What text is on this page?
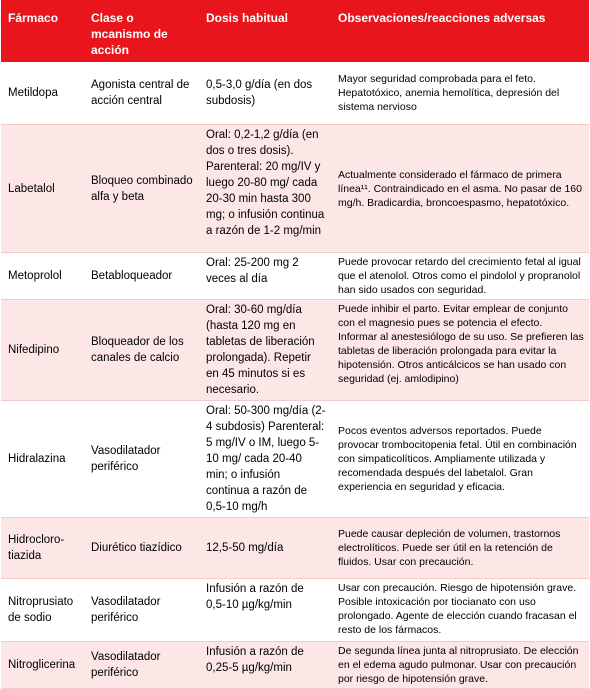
Fármaco	Clase o mcanismo de acción	Dosis habitual	Observaciones/reacciones adversas
Metildopa	Agonista central de acción central	0,5-3,0 g/día (en dos subdosis)	Mayor seguridad comprobada para el feto. Hepatotóxico, anemia hemolítica, depresión del sistema nervioso
Labetalol	Bloqueo combinado alfa y beta	Oral: 0,2-1,2 g/día (en dos o tres dosis). Parenteral: 20 mg/IV y luego 20-80 mg/ cada 20-30 min hasta 300 mg; o infusión continua a razón de 1-2 mg/min	Actualmente considerado el fármaco de primera línea¹¹. Contraindicado en el asma. No pasar de 160 mg/h. Bradicardia, broncoespasmo, hepatotóxico.
Metoprolol	Betabloqueador	Oral: 25-200 mg 2 veces al día	Puede provocar retardo del crecimiento fetal al igual que el atenolol. Otros como el pindolol y propranolol han sido usados con seguridad.
Nifedipino	Bloqueador de los canales de calcio	Oral: 30-60 mg/día (hasta 120 mg en tabletas de liberación prolongada). Repetir en 45 minutos si es necesario.	Puede inhibir el parto. Evitar emplear de conjunto con el magnesio pues se potencia el efecto. Informar al anestesiólogo de su uso. Se prefieren las tabletas de liberación prolongada para evitar la hipotensión. Otros anticálcicos se han usado con seguridad (ej. amlodipino)
Hidralazina	Vasodilatador periférico	Oral: 50-300 mg/día (2-4 subdosis) Parenteral: 5 mg/IV o IM, luego 5-10 mg/ cada 20-40 min; o infusión continua a razón de 0,5-10 mg/h	Pocos eventos adversos reportados. Puede provocar trombocitopenia fetal. Útil en combinación con simpaticolíticos. Ampliamente utilizada y recomendada después del labetalol. Gran experiencia en seguridad y eficacia.
Hidrocloro-tiazida	Diurético tiazídico	12,5-50 mg/día	Puede causar depleción de volumen, trastornos electrolíticos. Puede ser útil en la retención de fluidos. Usar con precaución.
Nitroprusiato de sodio	Vasodilatador periférico	Infusión a razón de 0,5-10 µg/kg/min	Usar con precaución. Riesgo de hipotensión grave. Posible intoxicación por tiocianato con uso prolongado. Agente de elección cuando fracasan el resto de los fármacos.
Nitroglicerina	Vasodilatador periférico	Infusión a razón de 0,25-5 µg/kg/min	De segunda línea junta al nitroprusiato. De elección en el edema agudo pulmonar. Usar con precaución por riesgo de hipotensión grave.
